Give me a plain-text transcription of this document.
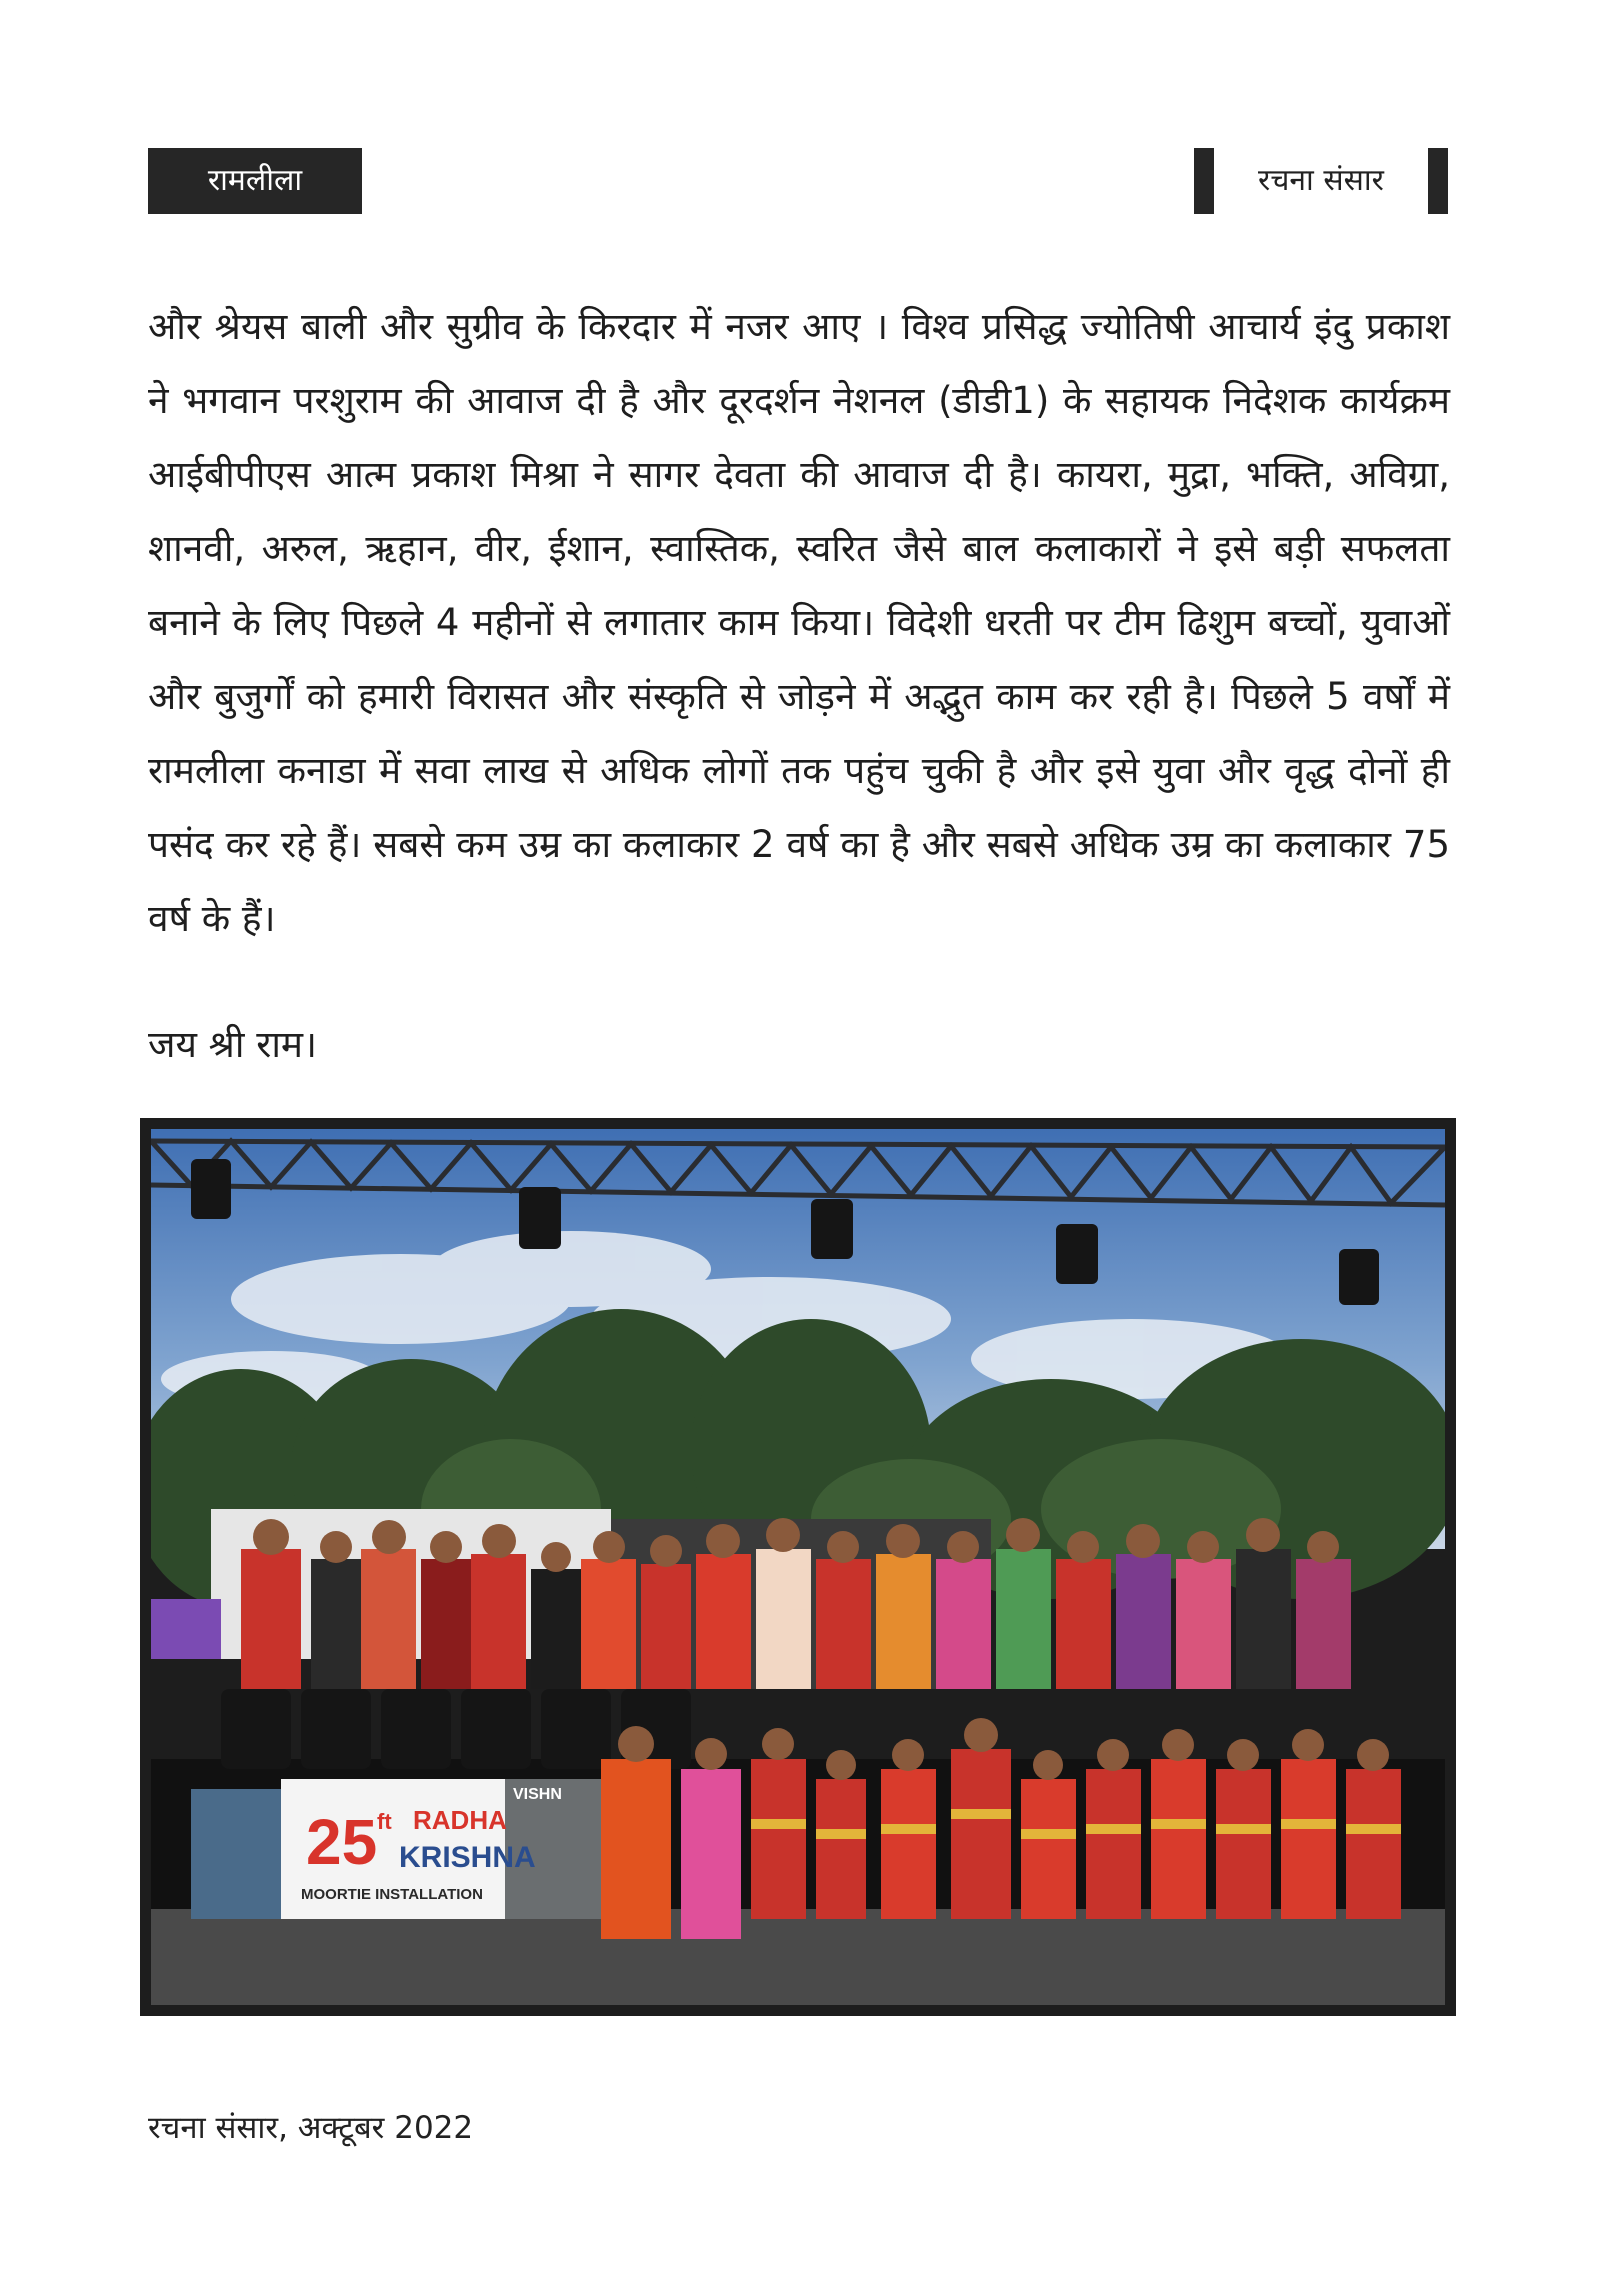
रामलीला	रचना संसार
और श्रेयस बाली और सुग्रीव के किरदार में नजर आए । विश्व प्रसिद्ध ज्योतिषी आचार्य इंदु प्रकाश ने भगवान परशुराम की आवाज दी है और दूरदर्शन नेशनल (डीडी1) के सहायक निदेशक कार्यक्रम आईबीपीएस आत्म प्रकाश मिश्रा ने सागर देवता की आवाज दी है। कायरा, मुद्रा, भक्ति, अविग्रा, शानवी, अरुल, ऋहान, वीर, ईशान, स्वास्तिक, स्वरित जैसे बाल कलाकारों ने इसे बड़ी सफलता बनाने के लिए पिछले 4 महीनों से लगातार काम किया। विदेशी धरती पर टीम ढिशुम बच्चों, युवाओं और बुजुर्गों को हमारी विरासत और संस्कृति से जोड़ने में अद्भुत काम कर रही है। पिछले 5 वर्षों में रामलीला कनाडा में सवा लाख से अधिक लोगों तक पहुंच चुकी है और इसे युवा और वृद्ध दोनों ही पसंद कर रहे हैं। सबसे कम उम्र का कलाकार 2 वर्ष का है और सबसे अधिक उम्र का कलाकार 75 वर्ष के हैं।
जय श्री राम।
25 ft RADHA
KRISHNA
MOORTIE INSTALLATION
VISHN
रचना संसार, अक्टूबर 2022
